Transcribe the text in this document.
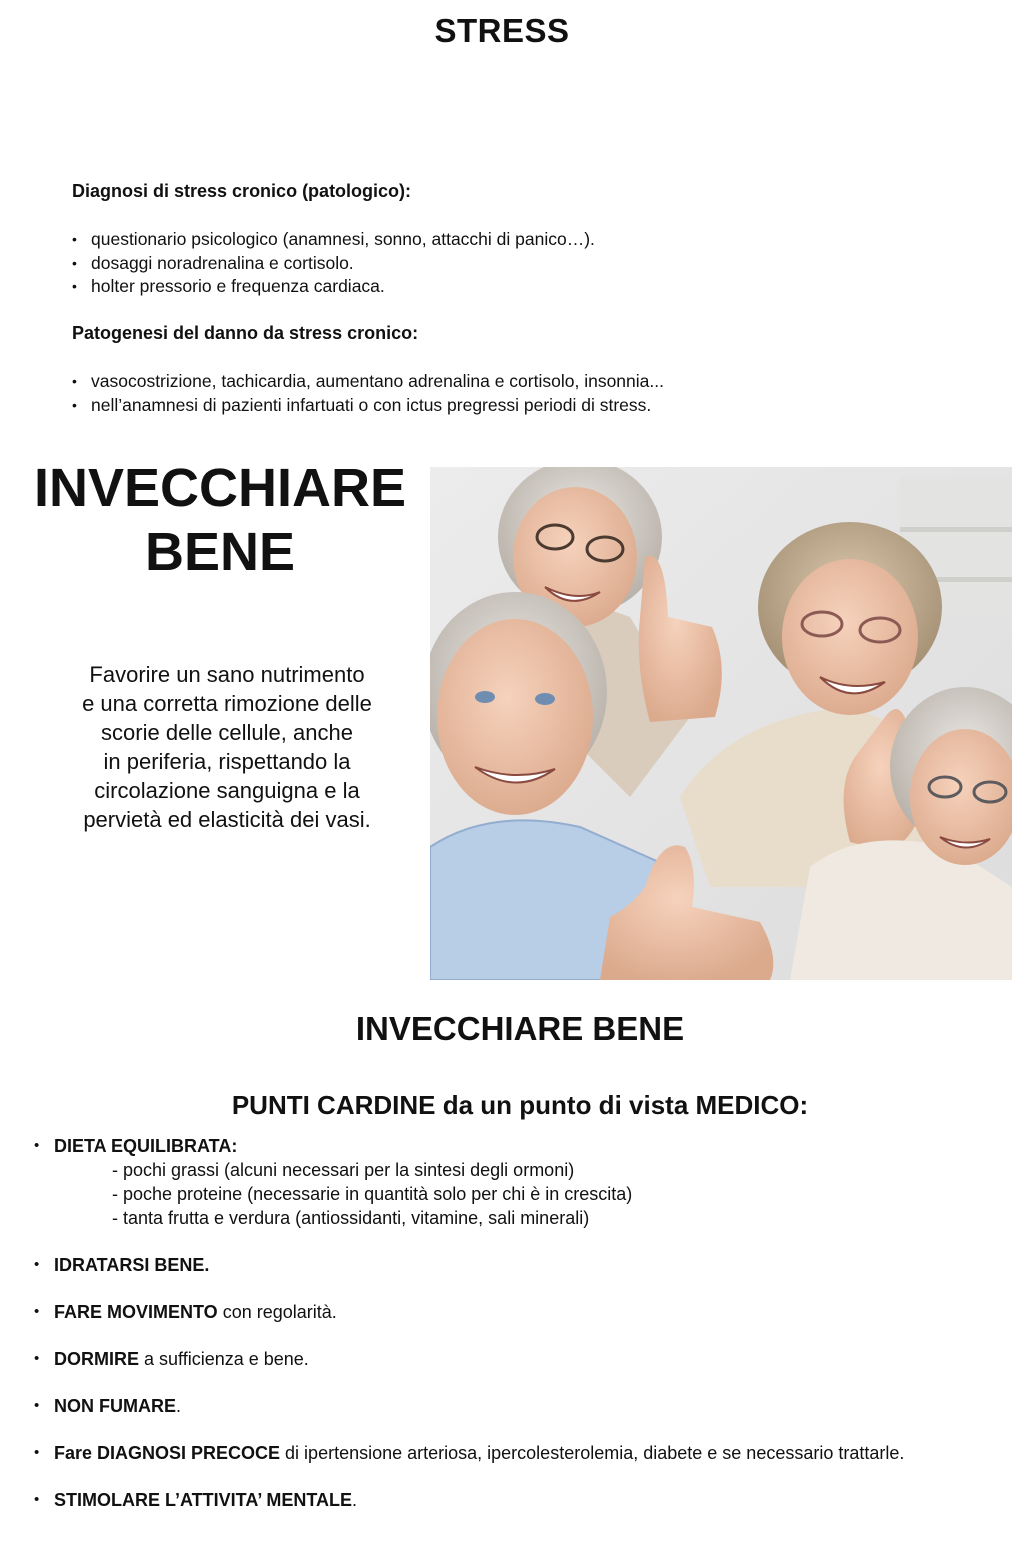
STRESS
Diagnosi di stress cronico (patologico):
• questionario psicologico (anamnesi, sonno, attacchi di panico…).
• dosaggi noradrenalina e cortisolo.
• holter pressorio e frequenza cardiaca.
Patogenesi del danno da stress cronico:
• vasocostrizione, tachicardia, aumentano adrenalina e cortisolo, insonnia...
• nell’anamnesi di pazienti infartuati o con ictus pregressi periodi di stress.
INVECCHIARE
BENE
Favorire un sano nutrimento
e una corretta rimozione delle
scorie delle cellule, anche
in periferia, rispettando la
circolazione sanguigna e la
pervietà ed elasticità dei vasi.
INVECCHIARE BENE
PUNTI CARDINE da un punto di vista MEDICO:
• DIETA EQUILIBRATA:
- pochi grassi (alcuni necessari per la sintesi degli ormoni)
- poche proteine (necessarie in quantità solo per chi è in crescita)
- tanta frutta e verdura (antiossidanti, vitamine, sali minerali)
• IDRATARSI BENE.
• FARE MOVIMENTO con regolarità.
• DORMIRE a sufficienza e bene.
• NON FUMARE.
• Fare DIAGNOSI PRECOCE di ipertensione arteriosa, ipercolesterolemia, diabete e se necessario trattarle.
• STIMOLARE L’ATTIVITA’ MENTALE.
